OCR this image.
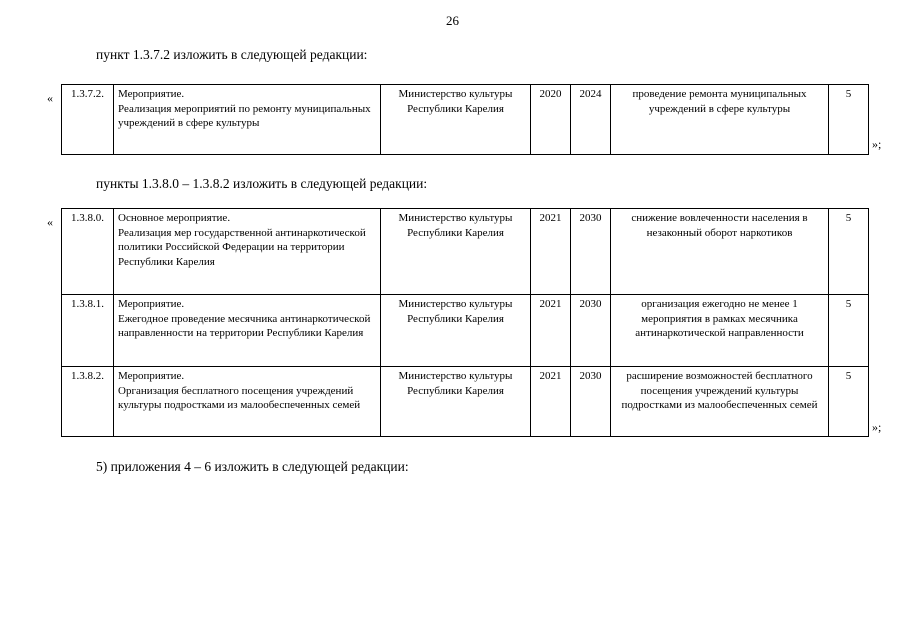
26
пункт 1.3.7.2 изложить в следующей редакции:
« 1.3.7.2.	Мероприятие.
Реализация мероприятий по ремонту муниципальных учреждений в сфере культуры
	Министерство культуры Республики Карелия	2020	2024	проведение ремонта муниципальных учреждений в сфере культуры	5
»;
пункты 1.3.8.0 – 1.3.8.2 изложить в следующей редакции:
« 1.3.8.0.	Основное мероприятие.
Реализация мер государственной антинаркотической политики Российской Федерации на территории Республики Карелия	Министерство культуры Республики Карелия	2021	2030	снижение вовлеченности населения в незаконный оборот наркотиков	5
1.3.8.1.	Мероприятие.
Ежегодное проведение месячника антинаркотической направленности на территории Республики Карелия	Министерство культуры Республики Карелия	2021	2030	организация ежегодно не менее 1 мероприятия в рамках месячника антинаркотической направленности	5
1.3.8.2.	Мероприятие.
Организация бесплатного посещения учреждений культуры подростками из малообеспеченных семей	Министерство культуры Республики Карелия	2021	2030	расширение возможностей бесплатного посещения учреждений культуры подростками из малообеспеченных семей	5
»;
5) приложения 4 – 6 изложить в следующей редакции:
